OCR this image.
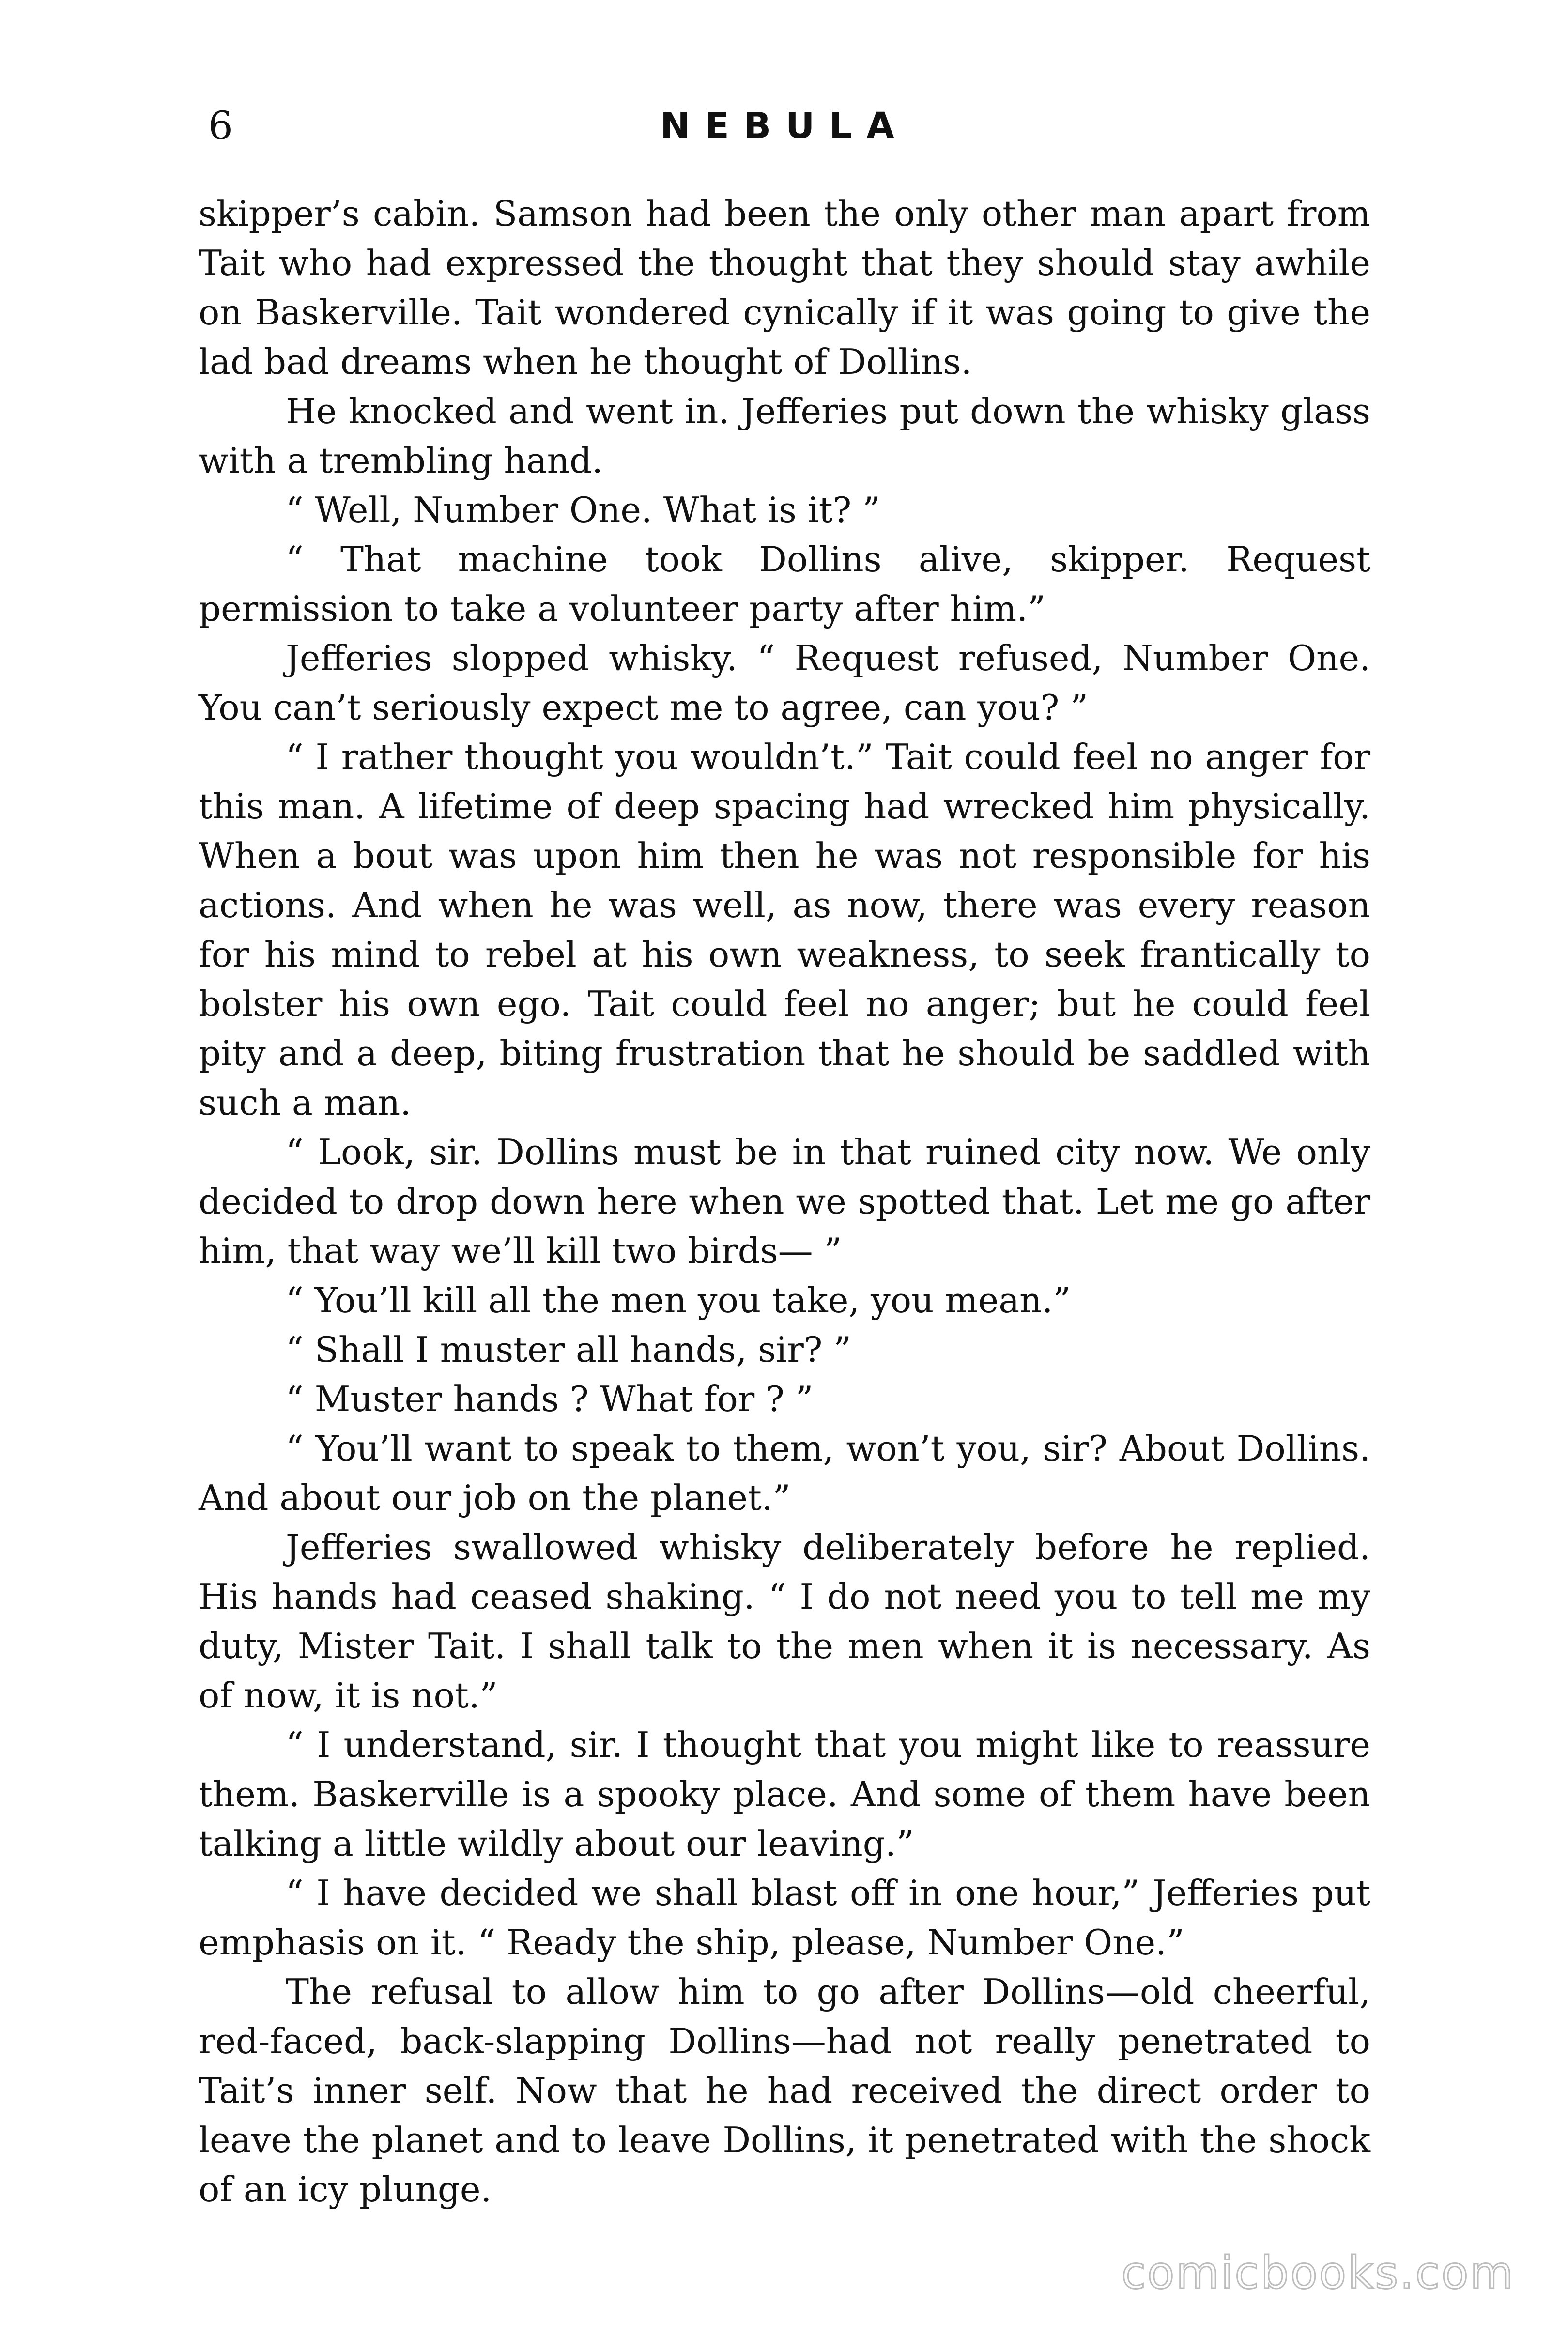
6	NEBULA

skipper’s cabin. Samson had been the only other man apart from Tait who had expressed the thought that they should stay awhile on Baskerville. Tait wondered cynically if it was going to give the lad bad dreams when he thought of Dollins.

He knocked and went in. Jefferies put down the whisky glass with a trembling hand.

“ Well, Number One. What is it? ”

“ That machine took Dollins alive, skipper. Request permission to take a volunteer party after him.”

Jefferies slopped whisky. “ Request refused, Number One. You can’t seriously expect me to agree, can you? ”

“ I rather thought you wouldn’t.” Tait could feel no anger for this man. A lifetime of deep spacing had wrecked him physically. When a bout was upon him then he was not responsible for his actions. And when he was well, as now, there was every reason for his mind to rebel at his own weakness, to seek frantically to bolster his own ego. Tait could feel no anger; but he could feel pity and a deep, biting frustration that he should be saddled with such a man.

“ Look, sir. Dollins must be in that ruined city now. We only decided to drop down here when we spotted that. Let me go after him, that way we’ll kill two birds— ”

“ You’ll kill all the men you take, you mean.”

“ Shall I muster all hands, sir? ”

“ Muster hands ? What for ? ”

“ You’ll want to speak to them, won’t you, sir? About Dollins. And about our job on the planet.”

Jefferies swallowed whisky deliberately before he replied. His hands had ceased shaking. “ I do not need you to tell me my duty, Mister Tait. I shall talk to the men when it is necessary. As of now, it is not.”

“ I understand, sir. I thought that you might like to reassure them. Baskerville is a spooky place. And some of them have been talking a little wildly about our leaving.”

“ I have decided we shall blast off in one hour,” Jefferies put emphasis on it. “ Ready the ship, please, Number One.”

The refusal to allow him to go after Dollins—old cheerful, red-faced, back-slapping Dollins—had not really penetrated to Tait’s inner self. Now that he had received the direct order to leave the planet and to leave Dollins, it penetrated with the shock of an icy plunge.

comicbooks.com
